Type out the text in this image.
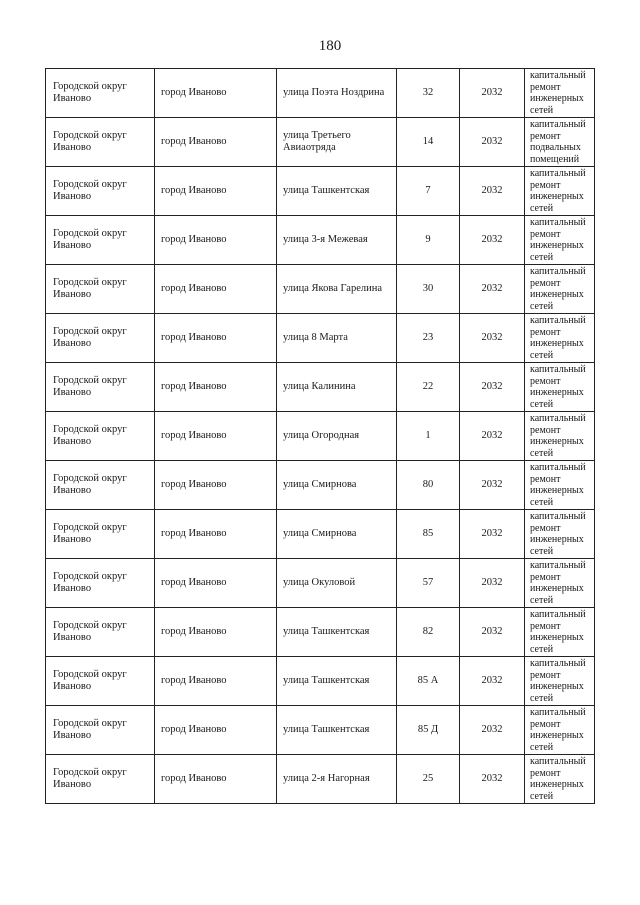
180
Городской округ Иваново	город Иваново	улица Поэта Ноздрина	32	2032	капитальный ремонт инженерных сетей
Городской округ Иваново	город Иваново	улица Третьего Авиаотряда	14	2032	капитальный ремонт подвальных помещений
Городской округ Иваново	город Иваново	улица Ташкентская	7	2032	капитальный ремонт инженерных сетей
Городской округ Иваново	город Иваново	улица 3-я Межевая	9	2032	капитальный ремонт инженерных сетей
Городской округ Иваново	город Иваново	улица Якова Гарелина	30	2032	капитальный ремонт инженерных сетей
Городской округ Иваново	город Иваново	улица 8 Марта	23	2032	капитальный ремонт инженерных сетей
Городской округ Иваново	город Иваново	улица Калинина	22	2032	капитальный ремонт инженерных сетей
Городской округ Иваново	город Иваново	улица Огородная	1	2032	капитальный ремонт инженерных сетей
Городской округ Иваново	город Иваново	улица Смирнова	80	2032	капитальный ремонт инженерных сетей
Городской округ Иваново	город Иваново	улица Смирнова	85	2032	капитальный ремонт инженерных сетей
Городской округ Иваново	город Иваново	улица Окуловой	57	2032	капитальный ремонт инженерных сетей
Городской округ Иваново	город Иваново	улица Ташкентская	82	2032	капитальный ремонт инженерных сетей
Городской округ Иваново	город Иваново	улица Ташкентская	85 А	2032	капитальный ремонт инженерных сетей
Городской округ Иваново	город Иваново	улица Ташкентская	85 Д	2032	капитальный ремонт инженерных сетей
Городской округ Иваново	город Иваново	улица 2-я Нагорная	25	2032	капитальный ремонт инженерных сетей
